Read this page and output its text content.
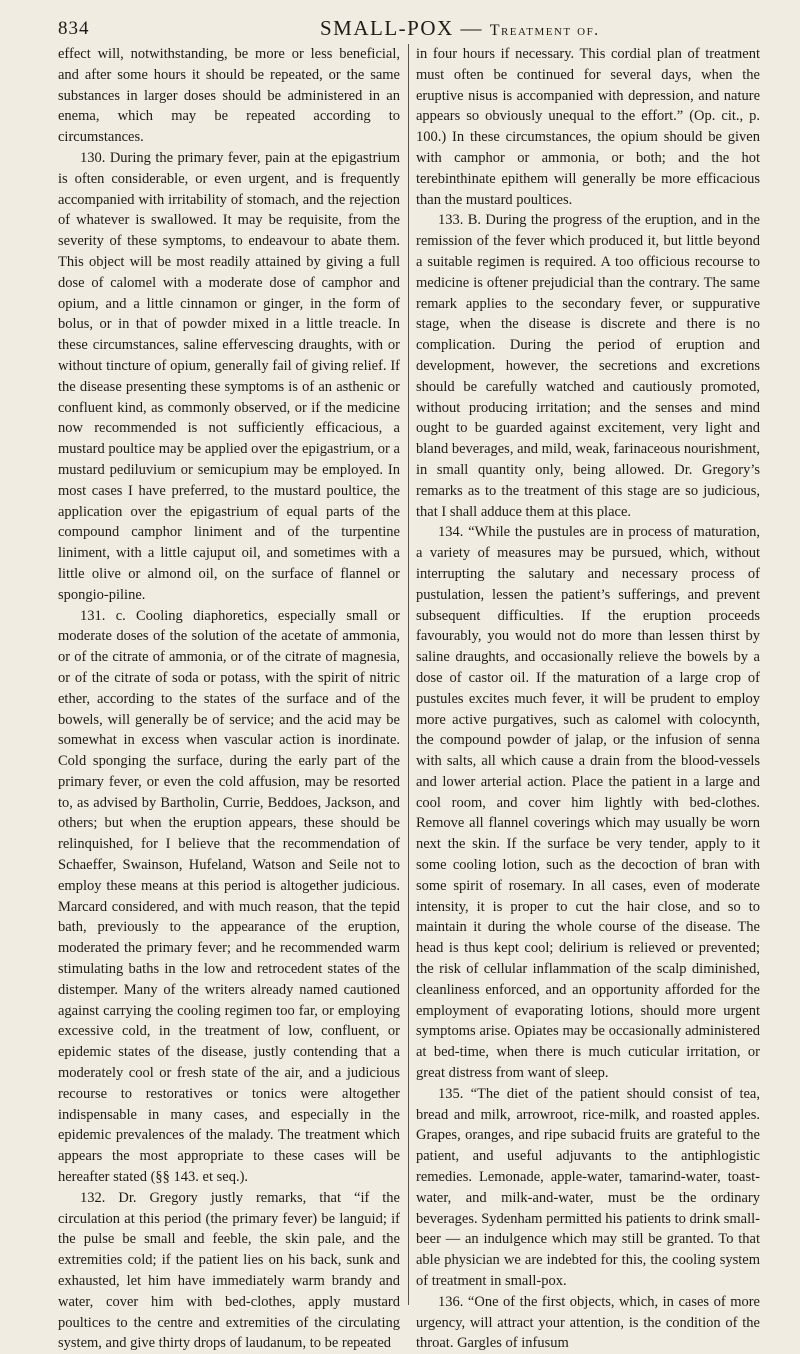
834	SMALL-POX — Treatment of.

effect will, notwithstanding, be more or less beneficial, and after some hours it should be repeated, or the same substances in larger doses should be administered in an enema, which may be repeated according to circumstances.

130. During the primary fever, pain at the epigastrium is often considerable, or even urgent, and is frequently accompanied with irritability of stomach, and the rejection of whatever is swallowed. It may be requisite, from the severity of these symptoms, to endeavour to abate them. This object will be most readily attained by giving a full dose of calomel with a moderate dose of camphor and opium, and a little cinnamon or ginger, in the form of bolus, or in that of powder mixed in a little treacle. In these circumstances, saline effervescing draughts, with or without tincture of opium, generally fail of giving relief. If the disease presenting these symptoms is of an asthenic or confluent kind, as commonly observed, or if the medicine now recommended is not sufficiently efficacious, a mustard poultice may be applied over the epigastrium, or a mustard pediluvium or semicupium may be employed. In most cases I have preferred, to the mustard poultice, the application over the epigastrium of equal parts of the compound camphor liniment and of the turpentine liniment, with a little cajuput oil, and sometimes with a little olive or almond oil, on the surface of flannel or spongio-piline.

131. c. Cooling diaphoretics, especially small or moderate doses of the solution of the acetate of ammonia, or of the citrate of ammonia, or of the citrate of magnesia, or of the citrate of soda or potass, with the spirit of nitric ether, according to the states of the surface and of the bowels, will generally be of service; and the acid may be somewhat in excess when vascular action is inordinate. Cold sponging the surface, during the early part of the primary fever, or even the cold affusion, may be resorted to, as advised by Bartholin, Currie, Beddoes, Jackson, and others; but when the eruption appears, these should be relinquished, for I believe that the recommendation of Schaeffer, Swainson, Hufeland, Watson and Seile not to employ these means at this period is altogether judicious. Marcard considered, and with much reason, that the tepid bath, previously to the appearance of the eruption, moderated the primary fever; and he recommended warm stimulating baths in the low and retrocedent states of the distemper. Many of the writers already named cautioned against carrying the cooling regimen too far, or employing excessive cold, in the treatment of low, confluent, or epidemic states of the disease, justly contending that a moderately cool or fresh state of the air, and a judicious recourse to restoratives or tonics were altogether indispensable in many cases, and especially in the epidemic prevalences of the malady. The treatment which appears the most appropriate to these cases will be hereafter stated (§§ 143. et seq.).

132. Dr. Gregory justly remarks, that “if the circulation at this period (the primary fever) be languid; if the pulse be small and feeble, the skin pale, and the extremities cold; if the patient lies on his back, sunk and exhausted, let him have immediately warm brandy and water, cover him with bed-clothes, apply mustard poultices to the centre and extremities of the circulating system, and give thirty drops of laudanum, to be repeated

in four hours if necessary. This cordial plan of treatment must often be continued for several days, when the eruptive nisus is accompanied with depression, and nature appears so obviously unequal to the effort.” (Op. cit., p. 100.) In these circumstances, the opium should be given with camphor or ammonia, or both; and the hot terebinthinate epithem will generally be more efficacious than the mustard poultices.

133. B. During the progress of the eruption, and in the remission of the fever which produced it, but little beyond a suitable regimen is required. A too officious recourse to medicine is oftener prejudicial than the contrary. The same remark applies to the secondary fever, or suppurative stage, when the disease is discrete and there is no complication. During the period of eruption and development, however, the secretions and excretions should be carefully watched and cautiously promoted, without producing irritation; and the senses and mind ought to be guarded against excitement, very light and bland beverages, and mild, weak, farinaceous nourishment, in small quantity only, being allowed. Dr. Gregory’s remarks as to the treatment of this stage are so judicious, that I shall adduce them at this place.

134. “While the pustules are in process of maturation, a variety of measures may be pursued, which, without interrupting the salutary and necessary process of pustulation, lessen the patient’s sufferings, and prevent subsequent difficulties. If the eruption proceeds favourably, you would not do more than lessen thirst by saline draughts, and occasionally relieve the bowels by a dose of castor oil. If the maturation of a large crop of pustules excites much fever, it will be prudent to employ more active purgatives, such as calomel with colocynth, the compound powder of jalap, or the infusion of senna with salts, all which cause a drain from the blood-vessels and lower arterial action. Place the patient in a large and cool room, and cover him lightly with bed-clothes. Remove all flannel coverings which may usually be worn next the skin. If the surface be very tender, apply to it some cooling lotion, such as the decoction of bran with some spirit of rosemary. In all cases, even of moderate intensity, it is proper to cut the hair close, and so to maintain it during the whole course of the disease. The head is thus kept cool; delirium is relieved or prevented; the risk of cellular inflammation of the scalp diminished, cleanliness enforced, and an opportunity afforded for the employment of evaporating lotions, should more urgent symptoms arise. Opiates may be occasionally administered at bed-time, when there is much cuticular irritation, or great distress from want of sleep.

135. “The diet of the patient should consist of tea, bread and milk, arrowroot, rice-milk, and roasted apples. Grapes, oranges, and ripe subacid fruits are grateful to the patient, and useful adjuvants to the antiphlogistic remedies. Lemonade, apple-water, tamarind-water, toast-water, and milk-and-water, must be the ordinary beverages. Sydenham permitted his patients to drink small-beer — an indulgence which may still be granted. To that able physician we are indebted for this, the cooling system of treatment in small-pox.

136. “One of the first objects, which, in cases of more urgency, will attract your attention, is the condition of the throat. Gargles of infusum
